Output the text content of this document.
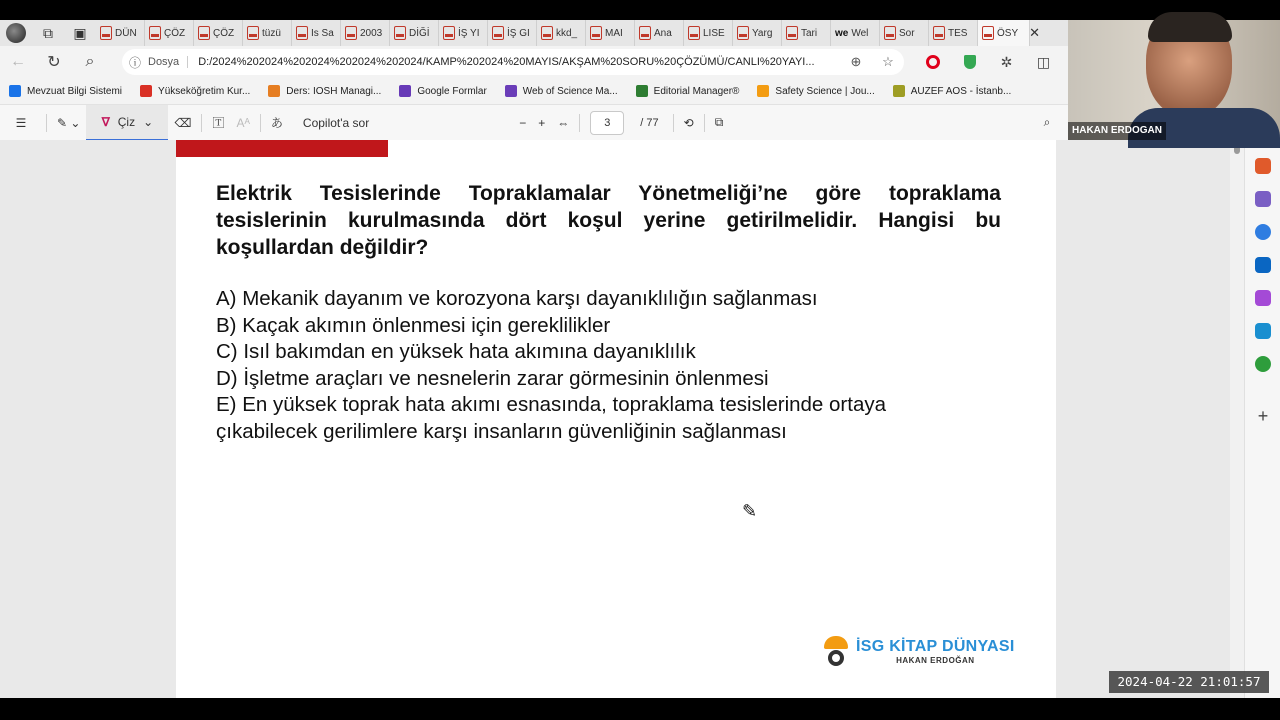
⧉	▣	DÜN	ÇÖZ	ÇÖZ	tüzü	Is Sa	2003	DİĞİ	İŞ YI	İŞ GI	kkd_	MAI	Ana	LISE	Yarg	Tari we Wel	Sor	TES	ÖSY ✕
←	↻	⌕	ⓘ Dosya	D:/2024%202024%202024%202024%202024/KAMP%202024%20MAYIS/AKŞAM%20SORU%20ÇÖZÜMÜ/CANLI%20YAYI...	⊕	☆	✲	◫
Mevzuat Bilgi Sistemi	Yükseköğretim Kur...	Ders: IOSH Managi...	Google Formlar	Web of Science Ma...	Editorial Manager®	Safety Science | Jou...	AUZEF AOS - İstanb...
☰	✎ ⌄	∇ Çiz ⌄	⌫	🅃	Aᴬ	あ	Copilot'a sor	−	+	⇔	3	/ 77	⟲	⧉	⌕
Elektrik Tesislerinde Topraklamalar Yönetmeliği’ne göre topraklama tesislerinin kurulmasında dört koşul yerine getirilmelidir. Hangisi bu koşullardan değildir?
A) Mekanik dayanım ve korozyona karşı dayanıklılığın sağlanması
B) Kaçak akımın önlenmesi için gereklilikler
C) Isıl bakımdan en yüksek hata akımına dayanıklılık
D) İşletme araçları ve nesnelerin zarar görmesinin önlenmesi
E) En yüksek toprak hata akımı esnasında, topraklama tesislerinde ortaya çıkabilecek gerilimlere karşı insanların güvenliğinin sağlanması
✎
İSG KİTAP DÜNYASI
HAKAN ERDOĞAN
+
HAKAN ERDOGAN
2024-04-22 21:01:57
